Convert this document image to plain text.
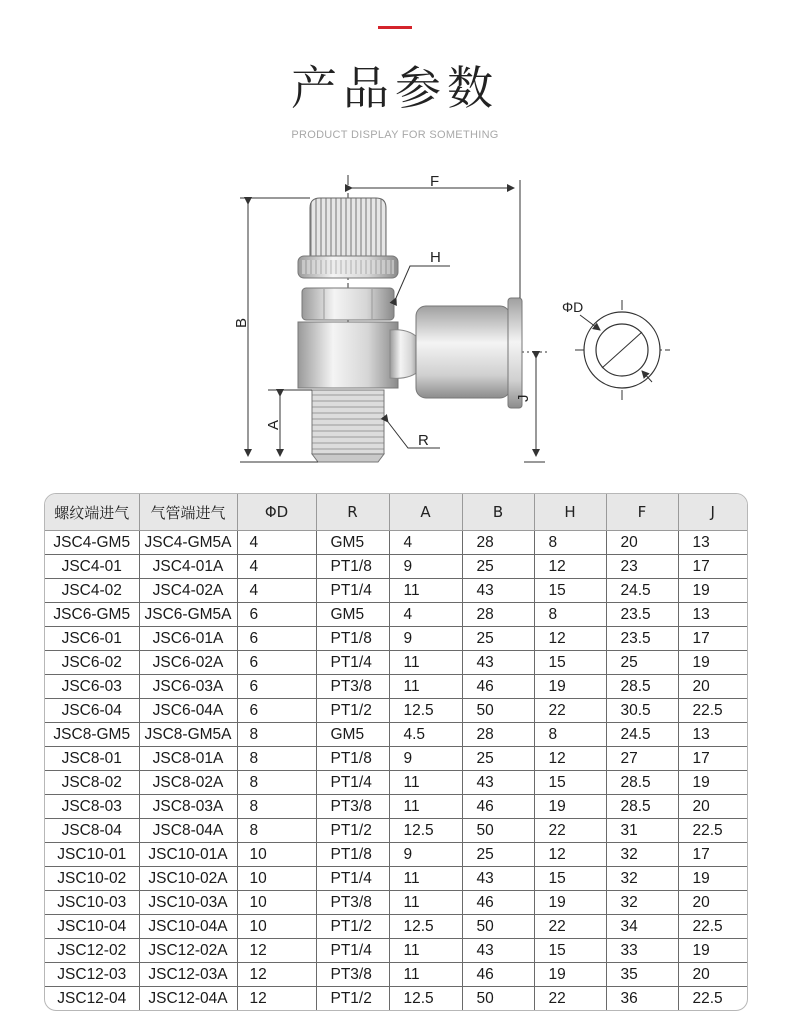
产品参数
PRODUCT DISPLAY FOR SOMETHING
F
B
A
J
H
R
ΦD
螺纹端进气	气管端进气	ΦD	R	A	B	H	F	J
JSC4-GM5	JSC4-GM5A	4	GM5	4	28	8	20	13
JSC4-01	JSC4-01A	4	PT1/8	9	25	12	23	17
JSC4-02	JSC4-02A	4	PT1/4	11	43	15	24.5	19
JSC6-GM5	JSC6-GM5A	6	GM5	4	28	8	23.5	13
JSC6-01	JSC6-01A	6	PT1/8	9	25	12	23.5	17
JSC6-02	JSC6-02A	6	PT1/4	11	43	15	25	19
JSC6-03	JSC6-03A	6	PT3/8	11	46	19	28.5	20
JSC6-04	JSC6-04A	6	PT1/2	12.5	50	22	30.5	22.5
JSC8-GM5	JSC8-GM5A	8	GM5	4.5	28	8	24.5	13
JSC8-01	JSC8-01A	8	PT1/8	9	25	12	27	17
JSC8-02	JSC8-02A	8	PT1/4	11	43	15	28.5	19
JSC8-03	JSC8-03A	8	PT3/8	11	46	19	28.5	20
JSC8-04	JSC8-04A	8	PT1/2	12.5	50	22	31	22.5
JSC10-01	JSC10-01A	10	PT1/8	9	25	12	32	17
JSC10-02	JSC10-02A	10	PT1/4	11	43	15	32	19
JSC10-03	JSC10-03A	10	PT3/8	11	46	19	32	20
JSC10-04	JSC10-04A	10	PT1/2	12.5	50	22	34	22.5
JSC12-02	JSC12-02A	12	PT1/4	11	43	15	33	19
JSC12-03	JSC12-03A	12	PT3/8	11	46	19	35	20
JSC12-04	JSC12-04A	12	PT1/2	12.5	50	22	36	22.5
